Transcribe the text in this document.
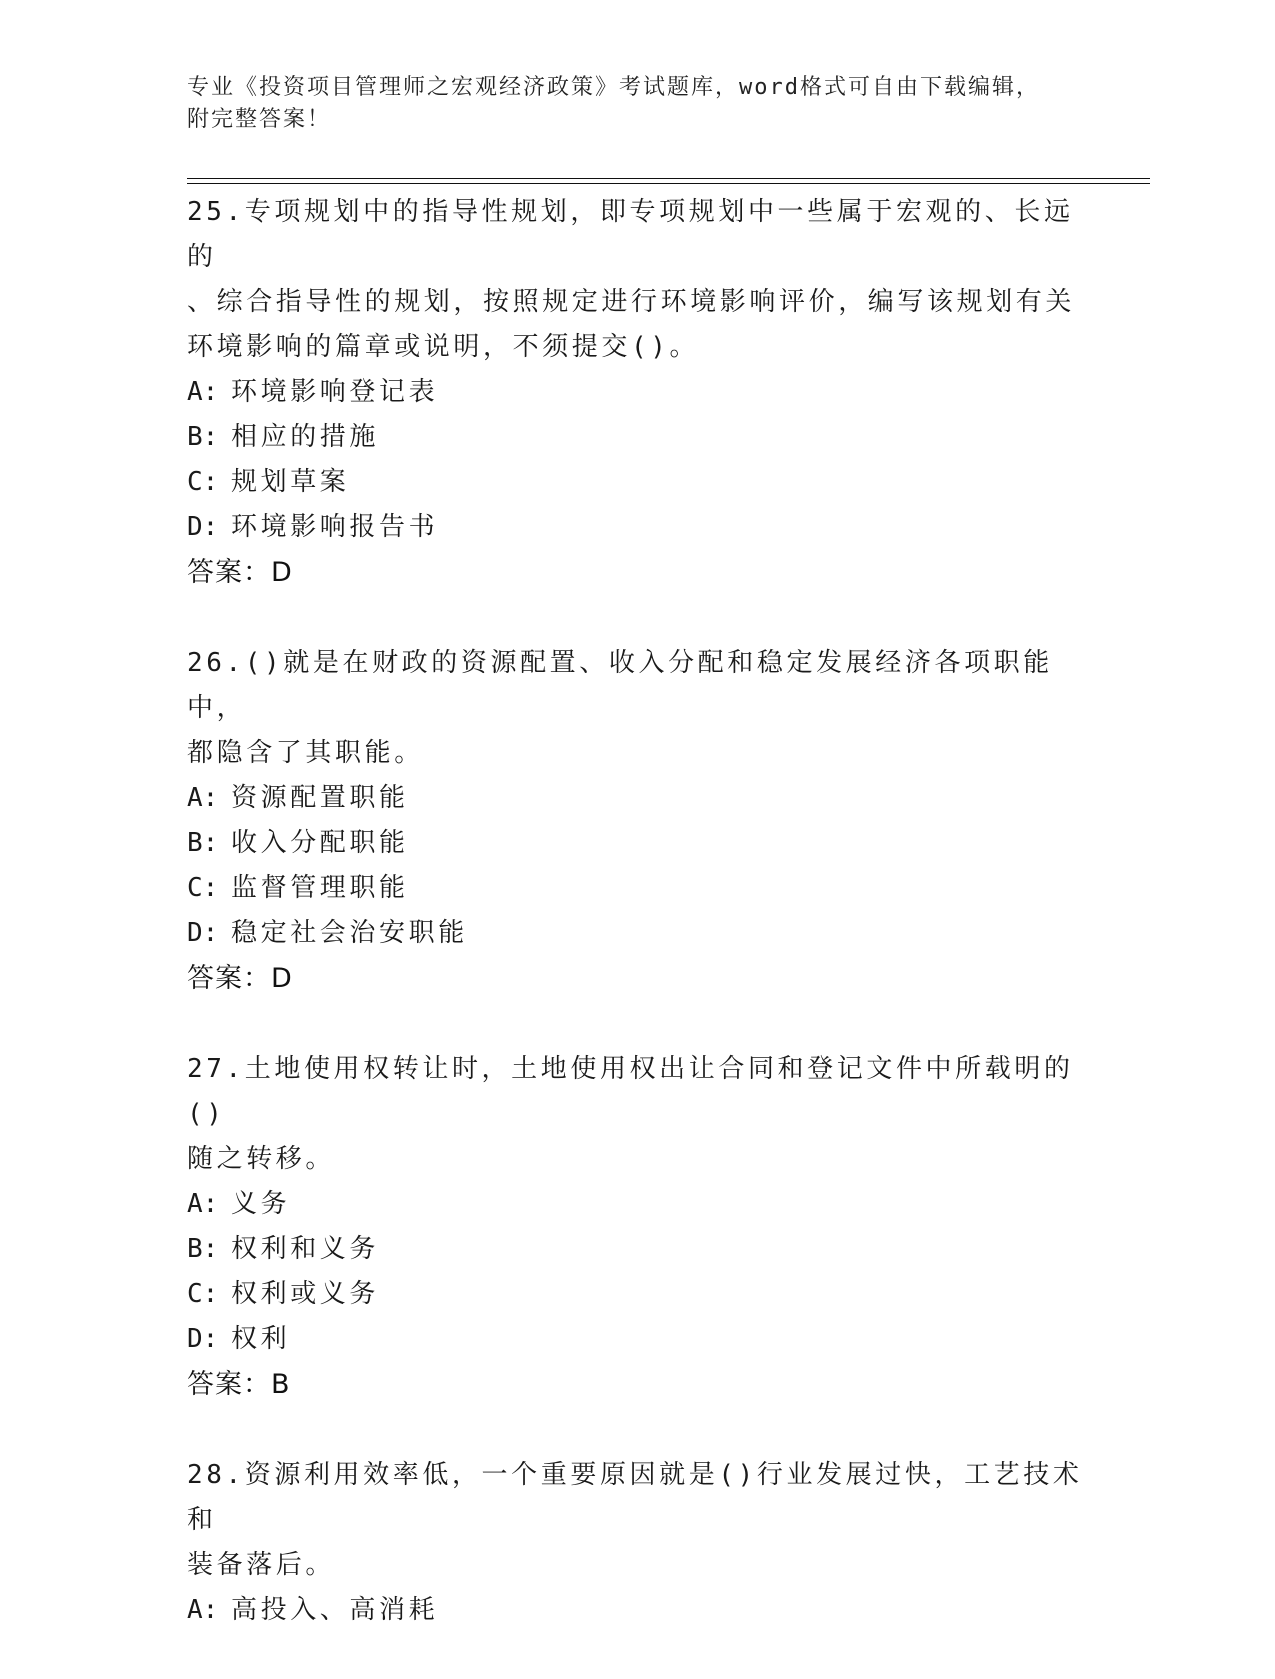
专业《投资项目管理师之宏观经济政策》考试题库，word格式可自由下载编辑，
附完整答案！
25.专项规划中的指导性规划，即专项规划中一些属于宏观的、长远的
、综合指导性的规划，按照规定进行环境影响评价，编写该规划有关
环境影响的篇章或说明，不须提交()。
A: 环境影响登记表
B: 相应的措施
C: 规划草案
D: 环境影响报告书
答案：D
26.()就是在财政的资源配置、收入分配和稳定发展经济各项职能中，
都隐含了其职能。
A: 资源配置职能
B: 收入分配职能
C: 监督管理职能
D: 稳定社会治安职能
答案：D
27.土地使用权转让时，土地使用权出让合同和登记文件中所载明的()
随之转移。
A: 义务
B: 权利和义务
C: 权利或义务
D: 权利
答案：B
28.资源利用效率低，一个重要原因就是()行业发展过快，工艺技术和
装备落后。
A: 高投入、高消耗
